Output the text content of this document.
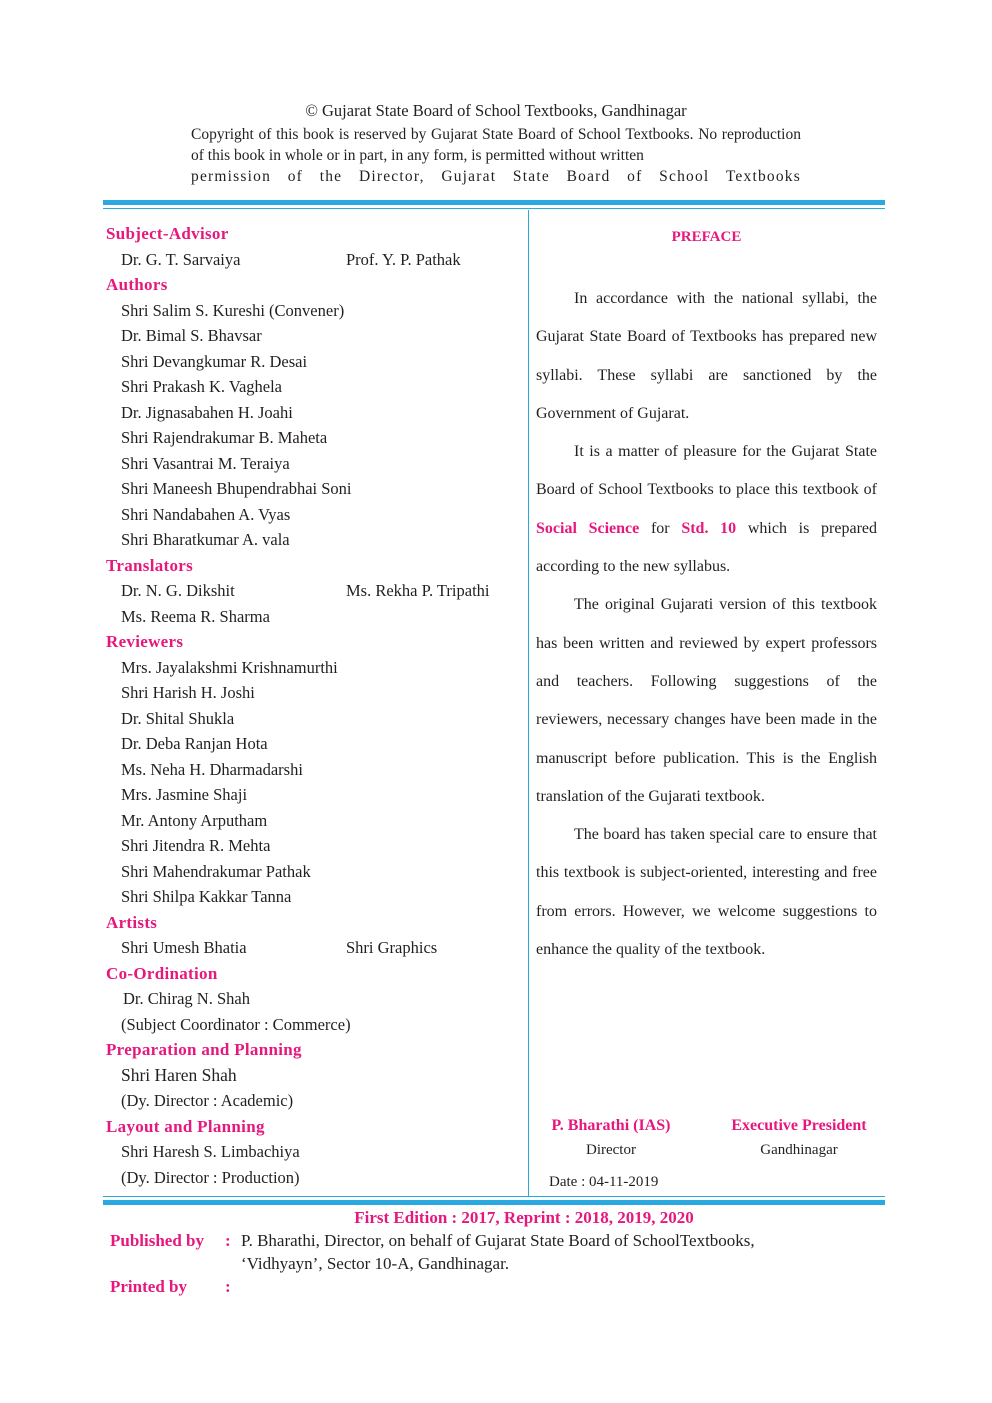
© Gujarat State Board of School Textbooks, Gandhinagar
Copyright of this book is reserved by Gujarat State Board of School Textbooks. No reproduction of this book in whole or in part, in any form, is permitted without written
permission of the Director, Gujarat State Board of School Textbooks
Subject-Advisor
Dr. G. T. Sarvaiya	Prof. Y. P. Pathak
Authors
Shri Salim S. Kureshi (Convener)
Dr. Bimal S. Bhavsar
Shri Devangkumar R. Desai
Shri Prakash K. Vaghela
Dr. Jignasabahen H. Joahi
Shri Rajendrakumar B. Maheta
Shri Vasantrai M. Teraiya
Shri Maneesh Bhupendrabhai Soni
Shri Nandabahen A. Vyas
Shri Bharatkumar A. vala
Translators
Dr. N. G. Dikshit	Ms. Rekha P. Tripathi
Ms. Reema R. Sharma
Reviewers
Mrs. Jayalakshmi Krishnamurthi
Shri Harish H. Joshi
Dr. Shital Shukla
Dr. Deba Ranjan Hota
Ms. Neha H. Dharmadarshi
Mrs. Jasmine Shaji
Mr. Antony Arputham
Shri Jitendra R. Mehta
Shri Mahendrakumar Pathak
Shri Shilpa Kakkar Tanna
Artists
Shri Umesh Bhatia	Shri Graphics
Co-Ordination
Dr. Chirag N. Shah
(Subject Coordinator : Commerce)
Preparation and Planning
Shri Haren Shah
(Dy. Director : Academic)
Layout and Planning
Shri Haresh S. Limbachiya
(Dy. Director : Production)
PREFACE

In accordance with the national syllabi, the Gujarat State Board of Textbooks has prepared new syllabi. These syllabi are sanctioned by the Government of Gujarat.

It is a matter of pleasure for the Gujarat State Board of School Textbooks to place this textbook of Social Science for Std. 10 which is prepared according to the new syllabus.

The original Gujarati version of this textbook has been written and reviewed by expert professors and teachers. Following suggestions of the reviewers, necessary changes have been made in the manuscript before publication. This is the English translation of the Gujarati textbook.

The board has taken special care to ensure that this textbook is subject-oriented, interesting and free from errors. However, we welcome suggestions to enhance the quality of the textbook.

P. Bharathi (IAS)
Director
Executive President
Gandhinagar
Date : 04-11-2019
First Edition : 2017, Reprint : 2018, 2019, 2020
Published by : P. Bharathi, Director, on behalf of Gujarat State Board of SchoolTextbooks,
‘Vidhyayn’, Sector 10-A, Gandhinagar.
Printed by :
